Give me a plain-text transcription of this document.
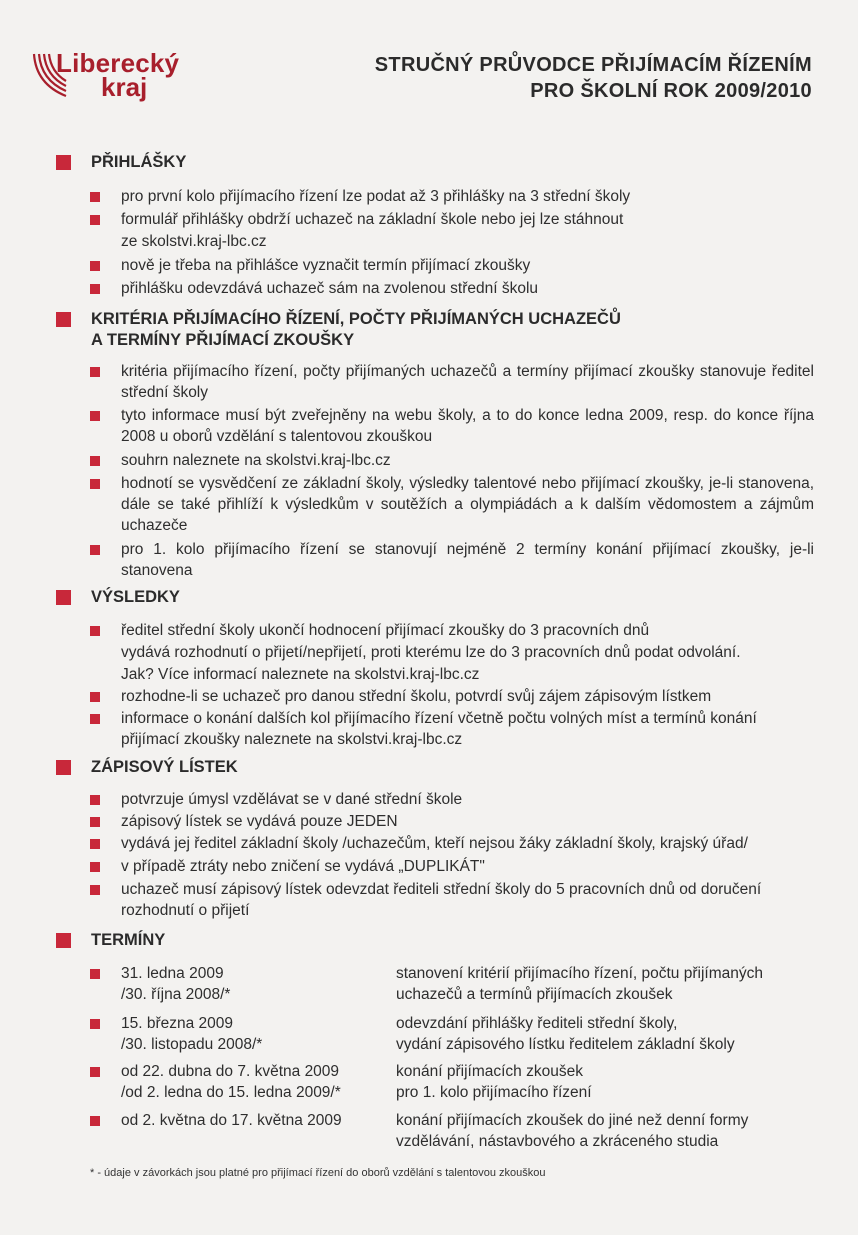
Liberecký
kraj
STRUČNÝ PRŮVODCE PŘIJÍMACÍM ŘÍZENÍM
PRO ŠKOLNÍ ROK 2009/2010
PŘIHLÁŠKY
pro první kolo přijímacího řízení lze podat až 3 přihlášky na 3 střední školy
formulář přihlášky obdrží uchazeč na základní škole nebo jej lze stáhnout
ze skolstvi.kraj-lbc.cz
nově je třeba na přihlášce vyznačit termín přijímací zkoušky
přihlášku odevzdává uchazeč sám na zvolenou střední školu
KRITÉRIA PŘIJÍMACÍHO ŘÍZENÍ, POČTY PŘIJÍMANÝCH UCHAZEČŮ
A TERMÍNY PŘIJÍMACÍ ZKOUŠKY
kritéria přijímacího řízení, počty přijímaných uchazečů a termíny přijímací zkoušky stanovuje ředitel střední školy
tyto informace musí být zveřejněny na webu školy, a to do konce ledna 2009, resp. do konce října 2008 u oborů vzdělání s talentovou zkouškou
souhrn naleznete na skolstvi.kraj-lbc.cz
hodnotí se vysvědčení ze základní školy, výsledky talentové nebo přijímací zkoušky, je-li stanovena, dále se také přihlíží k výsledkům v soutěžích a olympiádách a k dalším vědomostem a zájmům uchazeče
pro 1. kolo přijímacího řízení se stanovují nejméně 2 termíny konání přijímací zkoušky, je-li stanovena
VÝSLEDKY
ředitel střední školy ukončí hodnocení přijímací zkoušky do 3 pracovních dnů
vydává rozhodnutí o přijetí/nepřijetí, proti kterému lze do 3 pracovních dnů podat odvolání.
Jak? Více informací naleznete na skolstvi.kraj-lbc.cz
rozhodne-li se uchazeč pro danou střední školu, potvrdí svůj zájem zápisovým lístkem
informace o konání dalších kol přijímacího řízení včetně počtu volných míst a termínů konání přijímací zkoušky naleznete na skolstvi.kraj-lbc.cz
ZÁPISOVÝ LÍSTEK
potvrzuje úmysl vzdělávat se v dané střední škole
zápisový lístek se vydává pouze JEDEN
vydává jej ředitel základní školy /uchazečům, kteří nejsou žáky základní školy, krajský úřad/
v případě ztráty nebo zničení se vydává „DUPLIKÁT"
uchazeč musí zápisový lístek odevzdat řediteli střední školy do 5 pracovních dnů od doručení rozhodnutí o přijetí
TERMÍNY
31. ledna 2009
/30. října 2008/*
stanovení kritérií přijímacího řízení, počtu přijímaných
uchazečů a termínů přijímacích zkoušek
15. března 2009
/30. listopadu 2008/*
odevzdání přihlášky řediteli střední školy,
vydání zápisového lístku ředitelem základní školy
od 22. dubna do 7. května 2009
/od 2. ledna do 15. ledna 2009/*
konání přijímacích zkoušek
pro 1. kolo přijímacího řízení
od 2. května do 17. května 2009	konání přijímacích zkoušek do jiné než denní formy
vzdělávání, nástavbového a zkráceného studia
* - údaje v závorkách jsou platné pro přijímací řízení do oborů vzdělání s talentovou zkouškou
